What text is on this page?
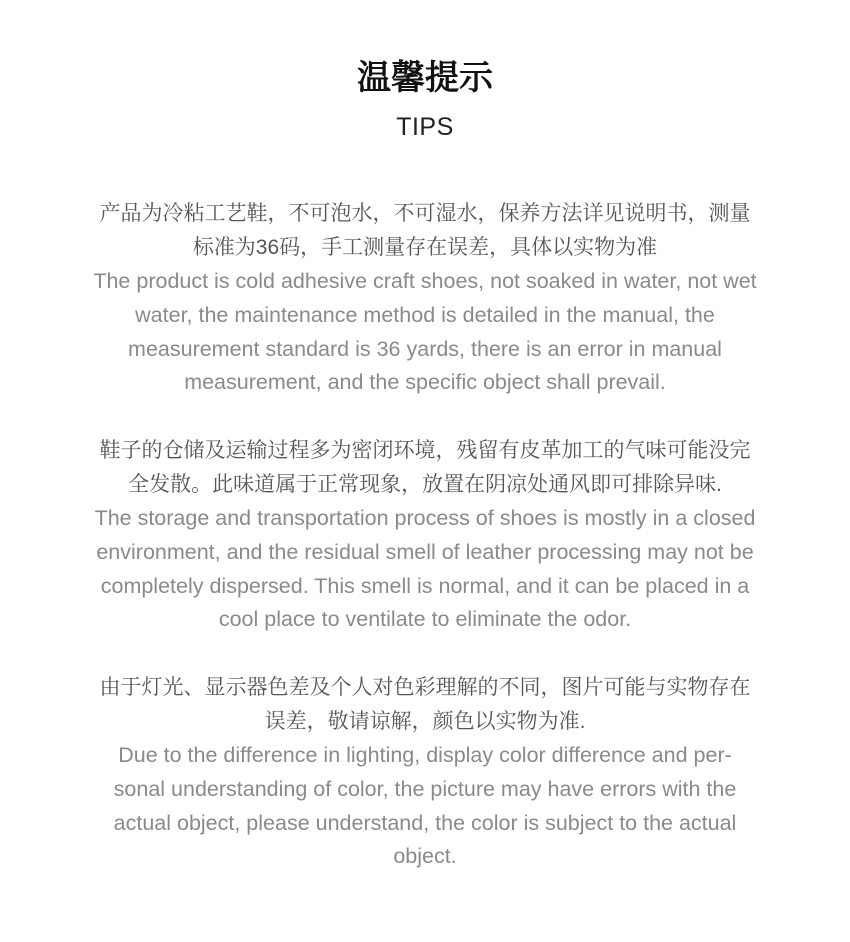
温馨提示
TIPS

产品为冷粘工艺鞋，不可泡水，不可湿水，保养方法详见说明书，测量标准为36码，手工测量存在误差，具体以实物为准

The product is cold adhesive craft shoes, not soaked in water, not wet water, the maintenance method is detailed in the manual, the measurement standard is 36 yards, there is an error in manual measurement, and the specific object shall prevail.

鞋子的仓储及运输过程多为密闭环境，残留有皮革加工的气味可能没完全发散。此味道属于正常现象，放置在阴凉处通风即可排除异味.

The storage and transportation process of shoes is mostly in a closed environment, and the residual smell of leather processing may not be completely dispersed. This smell is normal, and it can be placed in a cool place to ventilate to eliminate the odor.

由于灯光、显示器色差及个人对色彩理解的不同，图片可能与实物存在误差，敬请谅解，颜色以实物为准.

Due to the difference in lighting, display color difference and per- sonal understanding of color, the picture may have errors with the actual object, please understand, the color is subject to the actual object.
